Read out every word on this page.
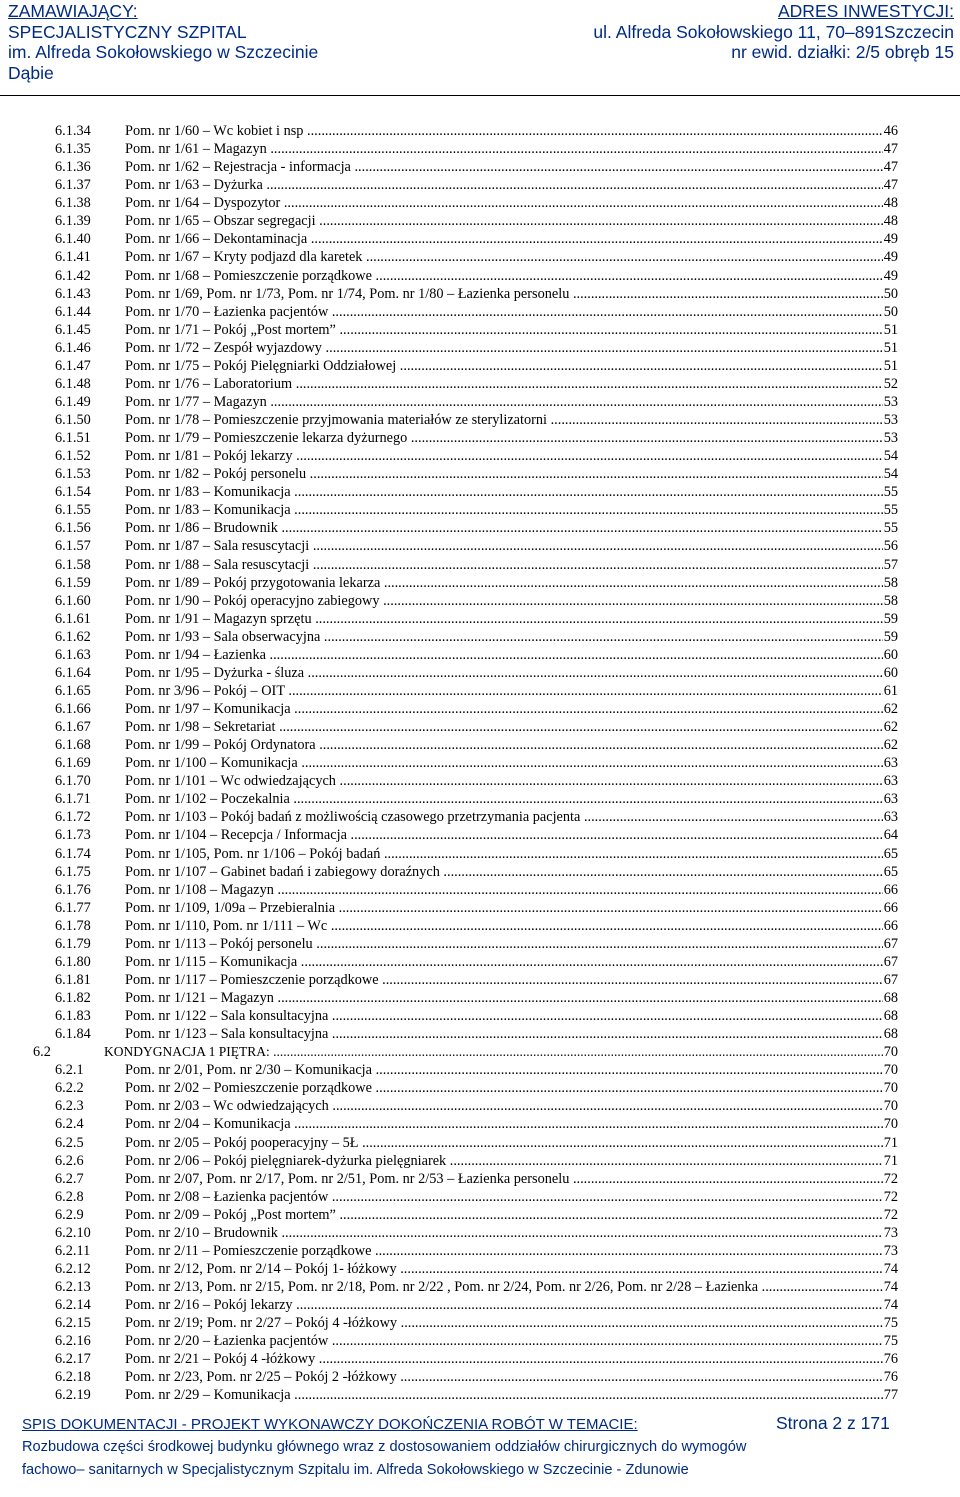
ZAMAWIAJĄCY:
SPECJALISTYCZNY SZPITAL
im. Alfreda Sokołowskiego w Szczecinie
Dąbie
ADRES INWESTYCJI:
ul. Alfreda Sokołowskiego 11, 70–891Szczecin
nr ewid. działki: 2/5 obręb 15
6.1.34 Pom. nr 1/60 – Wc kobiet i nsp .....	46
6.1.35 Pom. nr 1/61 – Magazyn .....	47
6.1.36 Pom. nr 1/62 – Rejestracja - informacja .....	47
6.1.37 Pom. nr 1/63 – Dyżurka .....	47
6.1.38 Pom. nr 1/64 – Dyspozytor .....	48
6.1.39 Pom. nr 1/65 – Obszar segregacji .....	48
6.1.40 Pom. nr 1/66 – Dekontaminacja .....	49
6.1.41 Pom. nr 1/67 – Kryty podjazd dla karetek .....	49
6.1.42 Pom. nr 1/68 – Pomieszczenie porządkowe .....	49
6.1.43 Pom. nr 1/69, Pom. nr 1/73, Pom. nr 1/74, Pom. nr 1/80 – Łazienka personelu .....	50
6.1.44 Pom. nr 1/70 – Łazienka pacjentów .....	50
6.1.45 Pom. nr 1/71 – Pokój „Post mortem” .....	51
6.1.46 Pom. nr 1/72 – Zespół wyjazdowy .....	51
6.1.47 Pom. nr 1/75 – Pokój Pielęgniarki Oddziałowej .....	51
6.1.48 Pom. nr 1/76 – Laboratorium .....	52
6.1.49 Pom. nr 1/77 – Magazyn .....	53
6.1.50 Pom. nr 1/78 – Pomieszczenie przyjmowania materiałów ze sterylizatorni .....	53
6.1.51 Pom. nr 1/79 – Pomieszczenie lekarza dyżurnego .....	53
6.1.52 Pom. nr 1/81 – Pokój lekarzy .....	54
6.1.53 Pom. nr 1/82 – Pokój personelu .....	54
6.1.54 Pom. nr 1/83 – Komunikacja .....	55
6.1.55 Pom. nr 1/83 – Komunikacja .....	55
6.1.56 Pom. nr 1/86 – Brudownik .....	55
6.1.57 Pom. nr 1/87 – Sala resuscytacji .....	56
6.1.58 Pom. nr 1/88 – Sala resuscytacji .....	57
6.1.59 Pom. nr 1/89 – Pokój przygotowania lekarza .....	58
6.1.60 Pom. nr 1/90 – Pokój operacyjno zabiegowy .....	58
6.1.61 Pom. nr 1/91 – Magazyn sprzętu .....	59
6.1.62 Pom. nr 1/93 – Sala obserwacyjna .....	59
6.1.63 Pom. nr 1/94 – Łazienka .....	60
6.1.64 Pom. nr 1/95 – Dyżurka - śluza .....	60
6.1.65 Pom. nr 3/96 – Pokój – OIT .....	61
6.1.66 Pom. nr 1/97 – Komunikacja .....	62
6.1.67 Pom. nr 1/98 – Sekretariat .....	62
6.1.68 Pom. nr 1/99 – Pokój Ordynatora .....	62
6.1.69 Pom. nr 1/100 – Komunikacja .....	63
6.1.70 Pom. nr 1/101 – Wc odwiedzających .....	63
6.1.71 Pom. nr 1/102 – Poczekalnia .....	63
6.1.72 Pom. nr 1/103 – Pokój badań z możliwością czasowego przetrzymania pacjenta .....	63
6.1.73 Pom. nr 1/104 – Recepcja / Informacja .....	64
6.1.74 Pom. nr 1/105, Pom. nr 1/106 – Pokój badań .....	65
6.1.75 Pom. nr 1/107 – Gabinet badań i zabiegowy doraźnych .....	65
6.1.76 Pom. nr 1/108 – Magazyn .....	66
6.1.77 Pom. nr 1/109, 1/09a – Przebieralnia .....	66
6.1.78 Pom. nr 1/110, Pom. nr 1/111 – Wc .....	66
6.1.79 Pom. nr 1/113 – Pokój personelu .....	67
6.1.80 Pom. nr 1/115 – Komunikacja .....	67
6.1.81 Pom. nr 1/117 – Pomieszczenie porządkowe .....	67
6.1.82 Pom. nr 1/121 – Magazyn .....	68
6.1.83 Pom. nr 1/122 – Sala konsultacyjna .....	68
6.1.84 Pom. nr 1/123 – Sala konsultacyjna .....	68
6.2	KONDYGNACJA 1 PIĘTRA: .....	70
6.2.1	Pom. nr 2/01, Pom. nr 2/30 – Komunikacja .....	70
6.2.2	Pom. nr 2/02 – Pomieszczenie porządkowe .....	70
6.2.3	Pom. nr 2/03 – Wc odwiedzających .....	70
6.2.4	Pom. nr 2/04 – Komunikacja .....	70
6.2.5	Pom. nr 2/05 – Pokój pooperacyjny – 5Ł .....	71
6.2.6	Pom. nr 2/06 – Pokój pielęgniarek-dyżurka pielęgniarek .....	71
6.2.7	Pom. nr 2/07, Pom. nr 2/17, Pom. nr 2/51, Pom. nr 2/53 – Łazienka personelu .....	72
6.2.8	Pom. nr 2/08 – Łazienka pacjentów .....	72
6.2.9	Pom. nr 2/09 – Pokój „Post mortem” .....	72
6.2.10 Pom. nr 2/10 – Brudownik .....	73
6.2.11 Pom. nr 2/11 – Pomieszczenie porządkowe .....	73
6.2.12 Pom. nr 2/12, Pom. nr 2/14 – Pokój 1- łóżkowy .....	74
6.2.13 Pom. nr 2/13, Pom. nr 2/15, Pom. nr 2/18, Pom. nr 2/22 , Pom. nr 2/24, Pom. nr 2/26, Pom. nr 2/28 – Łazienka .....	74
6.2.14 Pom. nr 2/16 – Pokój lekarzy .....	74
6.2.15 Pom. nr 2/19; Pom. nr 2/27 – Pokój 4 -łóżkowy .....	75
6.2.16 Pom. nr 2/20 – Łazienka pacjentów .....	75
6.2.17 Pom. nr 2/21 – Pokój 4 -łóżkowy .....	76
6.2.18 Pom. nr 2/23, Pom. nr 2/25 – Pokój 2 -łóżkowy .....	76
6.2.19 Pom. nr 2/29 – Komunikacja .....	77
SPIS DOKUMENTACJI - PROJEKT WYKONAWCZY DOKOŃCZENIA ROBÓT W TEMACIE:	Strona 2 z 171
Rozbudowa części środkowej budynku głównego wraz z dostosowaniem oddziałów chirurgicznych do wymogów fachowo– sanitarnych w Specjalistycznym Szpitalu im. Alfreda Sokołowskiego w Szczecinie - Zdunowie
